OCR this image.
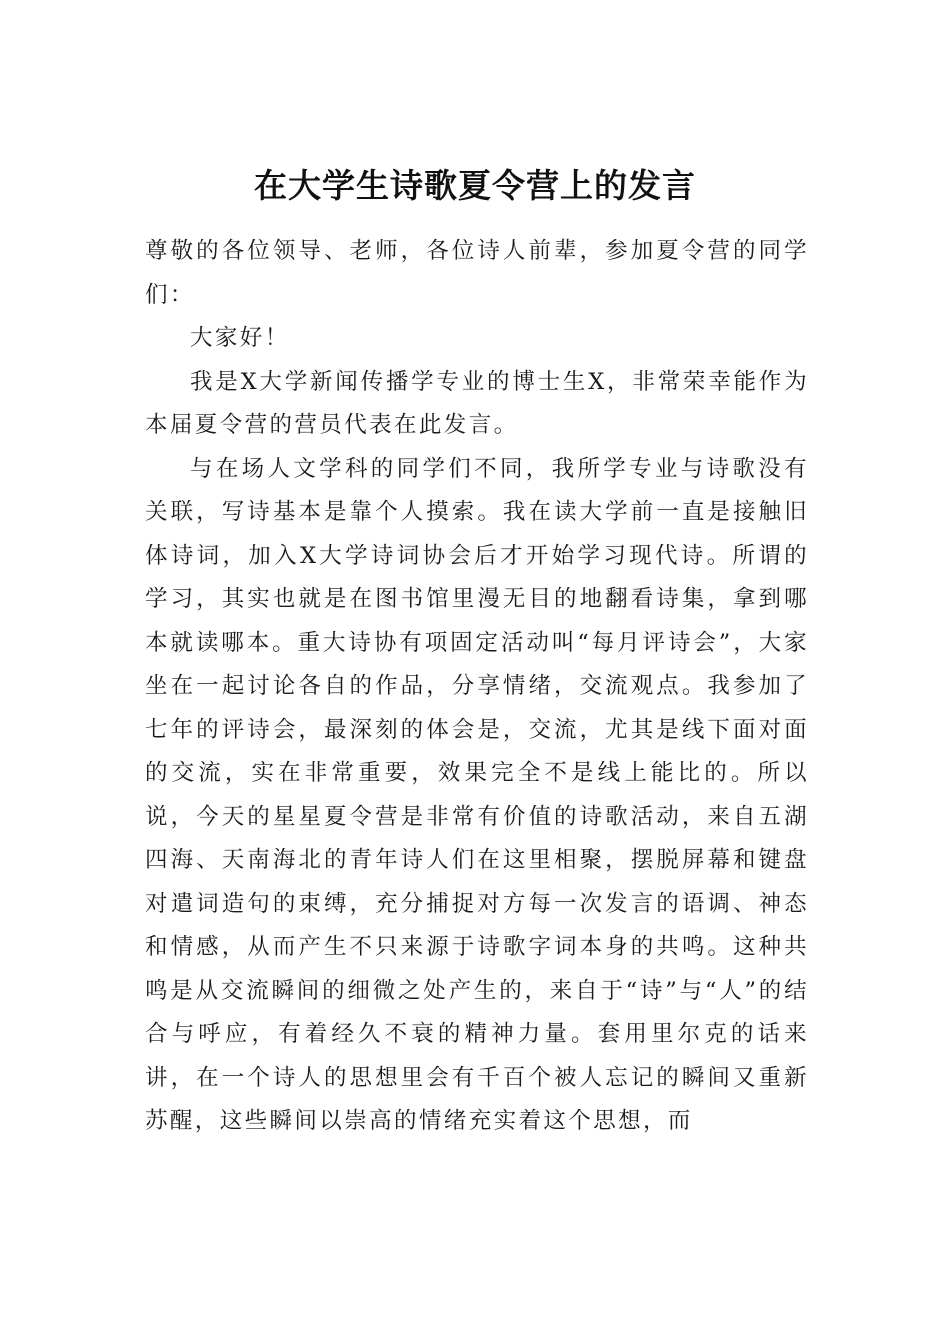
在大学生诗歌夏令营上的发言

尊敬的各位领导、老师，各位诗人前辈，参加夏令营的同学们：

大家好！

我是X大学新闻传播学专业的博士生X，非常荣幸能作为本届夏令营的营员代表在此发言。

与在场人文学科的同学们不同，我所学专业与诗歌没有关联，写诗基本是靠个人摸索。我在读大学前一直是接触旧体诗词，加入X大学诗词协会后才开始学习现代诗。所谓的学习，其实也就是在图书馆里漫无目的地翻看诗集，拿到哪本就读哪本。重大诗协有项固定活动叫“每月评诗会”，大家坐在一起讨论各自的作品，分享情绪，交流观点。我参加了七年的评诗会，最深刻的体会是，交流，尤其是线下面对面的交流，实在非常重要，效果完全不是线上能比的。所以说，今天的星星夏令营是非常有价值的诗歌活动，来自五湖四海、天南海北的青年诗人们在这里相聚，摆脱屏幕和键盘对遣词造句的束缚，充分捕捉对方每一次发言的语调、神态和情感，从而产生不只来源于诗歌字词本身的共鸣。这种共鸣是从交流瞬间的细微之处产生的，来自于“诗”与“人”的结合与呼应，有着经久不衰的精神力量。套用里尔克的话来讲，在一个诗人的思想里会有千百个被人忘记的瞬间又重新苏醒，这些瞬间以崇高的情绪充实着这个思想，而
